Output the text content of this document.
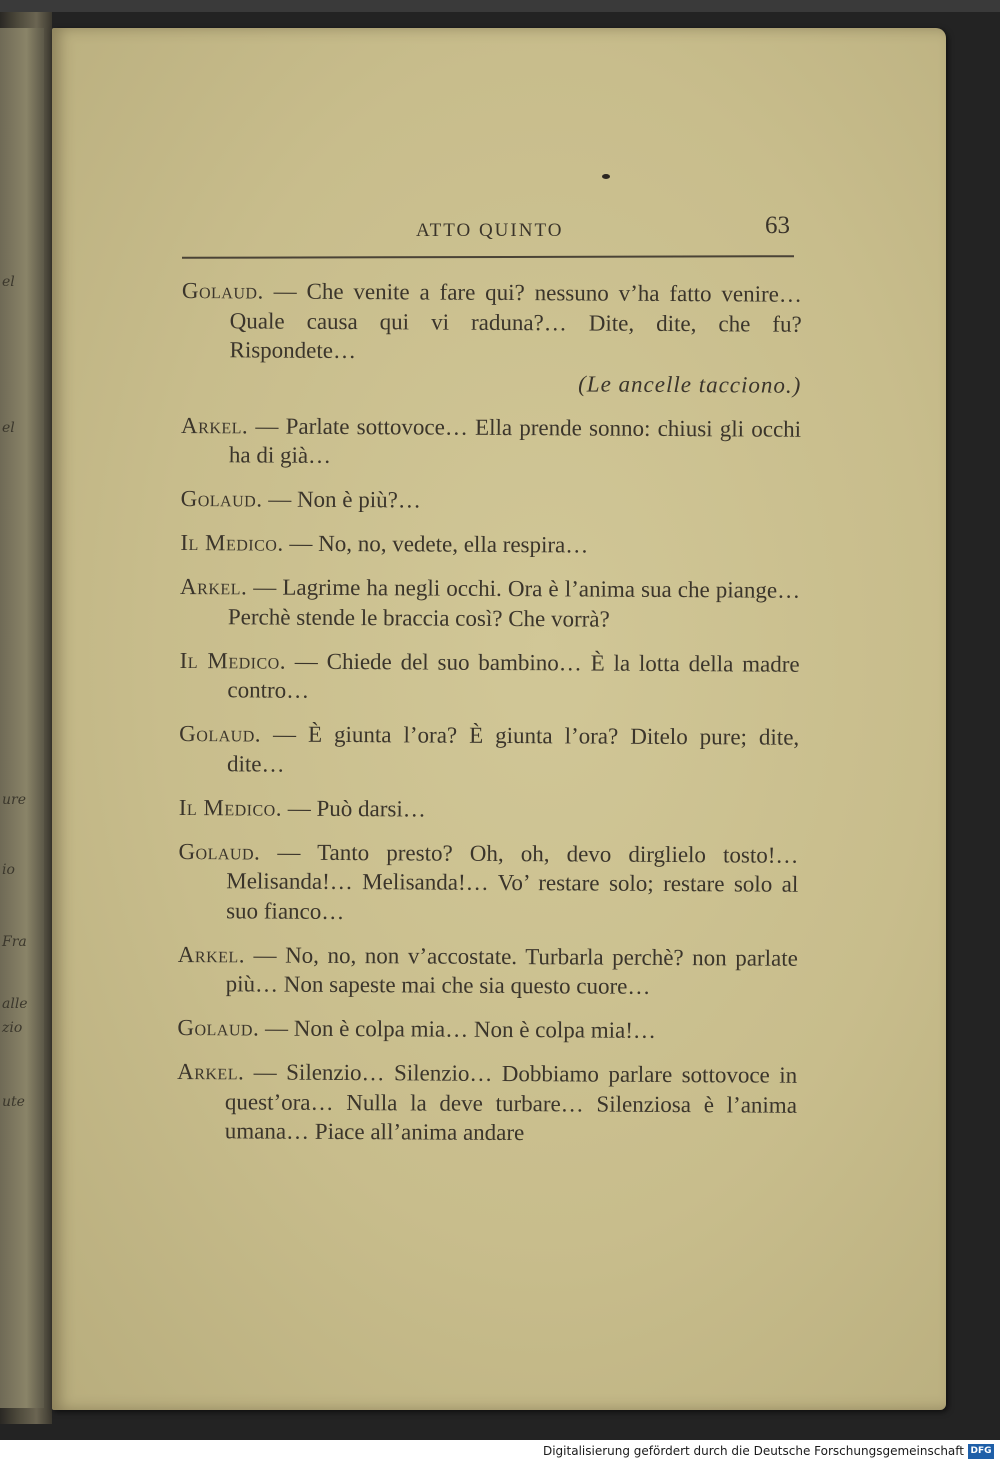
el
el
ure
io
Fra
alle
zio
ute
ATTO QUINTO	63

Golaud. — Che venite a fare qui? nessuno v’ha fatto venire… Quale causa qui vi raduna?… Dite, dite, che fu? Rispondete…
(Le ancelle tacciono.)

Arkel. — Parlate sottovoce… Ella prende sonno: chiusi gli occhi ha di già…

Golaud. — Non è più?…

Il Medico. — No, no, vedete, ella respira…

Arkel. — Lagrime ha negli occhi. Ora è l’anima sua che piange… Perchè stende le braccia così? Che vorrà?

Il Medico. — Chiede del suo bambino… È la lotta della madre contro…

Golaud. — È giunta l’ora? È giunta l’ora? Ditelo pure; dite, dite…

Il Medico. — Può darsi…

Golaud. — Tanto presto? Oh, oh, devo dirglielo tosto!… Melisanda!… Melisanda!… Vo’ restare solo; restare solo al suo fianco…

Arkel. — No, no, non v’accostate. Turbarla perchè? non parlate più… Non sapeste mai che sia questo cuore…

Golaud. — Non è colpa mia… Non è colpa mia!…

Arkel. — Silenzio… Silenzio… Dobbiamo parlare sottovoce in quest’ora… Nulla la deve turbare… Silenziosa è l’anima umana… Piace all’anima andare

Digitalisierung gefördert durch die Deutsche Forschungsgemeinschaft DFG
